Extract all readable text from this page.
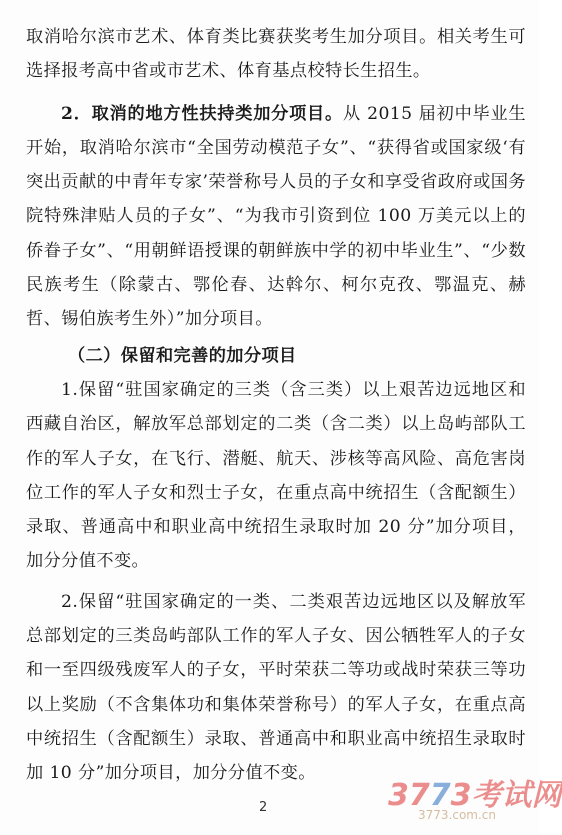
取消哈尔滨市艺术、体育类比赛获奖考生加分项目。相关考生可选择报考高中省或市艺术、体育基点校特长生招生。

2．取消的地方性扶持类加分项目。从 2015 届初中毕业生开始，取消哈尔滨市“全国劳动模范子女”、“获得省或国家级‘有突出贡献的中青年专家’荣誉称号人员的子女和享受省政府或国务院特殊津贴人员的子女”、“为我市引资到位 100 万美元以上的侨眷子女”、“用朝鲜语授课的朝鲜族中学的初中毕业生”、“少数民族考生（除蒙古、鄂伦春、达斡尔、柯尔克孜、鄂温克、赫哲、锡伯族考生外）”加分项目。

（二）保留和完善的加分项目

1.保留“驻国家确定的三类（含三类）以上艰苦边远地区和西藏自治区，解放军总部划定的二类（含二类）以上岛屿部队工作的军人子女，在飞行、潜艇、航天、涉核等高风险、高危害岗位工作的军人子女和烈士子女，在重点高中统招生（含配额生）录取、普通高中和职业高中统招生录取时加 20 分”加分项目，加分分值不变。

2.保留“驻国家确定的一类、二类艰苦边远地区以及解放军总部划定的三类岛屿部队工作的军人子女、因公牺牲军人的子女和一至四级残废军人的子女，平时荣获二等功或战时荣获三等功以上奖励（不含集体功和集体荣誉称号）的军人子女，在重点高中统招生（含配额生）录取、普通高中和职业高中统招生录取时加 10 分”加分项目，加分分值不变。

2	3773考试网
3773.com.cn
